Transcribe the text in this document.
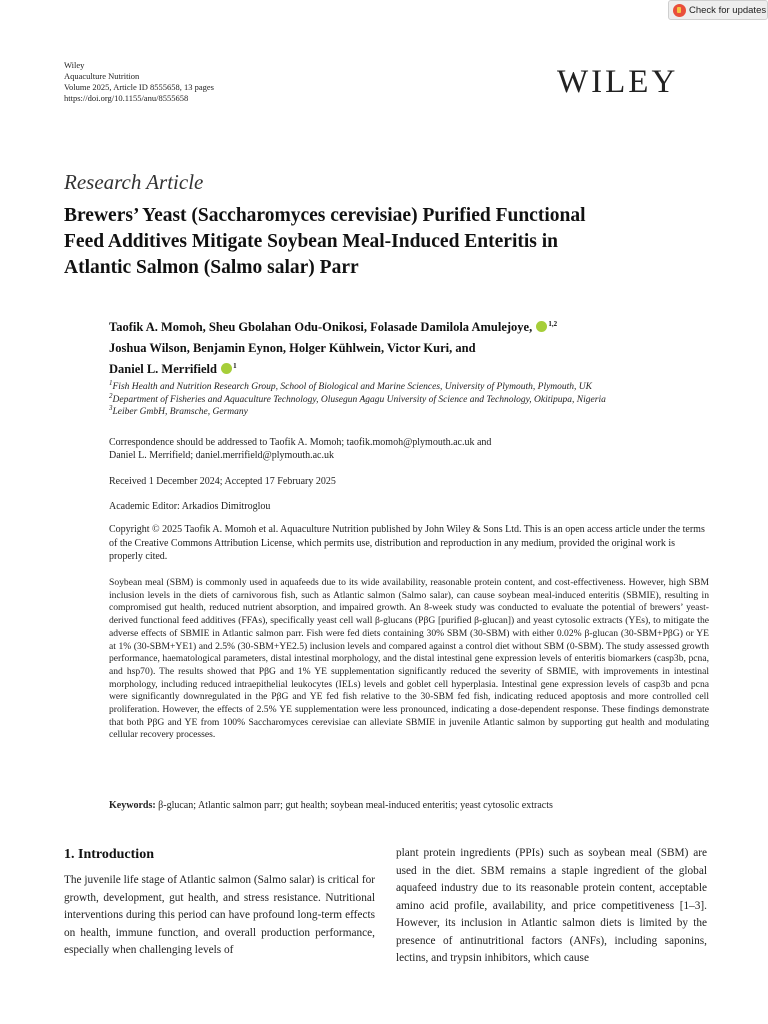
Check for updates
Wiley
Aquaculture Nutrition
Volume 2025, Article ID 8555658, 13 pages
https://doi.org/10.1155/anu/8555658	WILEY
Research Article
Brewers’ Yeast (Saccharomyces cerevisiae) Purified Functional
Feed Additives Mitigate Soybean Meal-Induced Enteritis in
Atlantic Salmon (Salmo salar) Parr
Taofik A. Momoh, Sheu Gbolahan Odu-Onikosi, Folasade Damilola Amulejoye, $^{1,2}$
Joshua Wilson, Benjamin Eynon, Holger Kühlwein, Victor Kuri, and
Daniel L. Merrifield $^1$
$^1$Fish Health and Nutrition Research Group, School of Biological and Marine Sciences, University of Plymouth, Plymouth, UK
$^2$Department of Fisheries and Aquaculture Technology, Olusegun Agagu University of Science and Technology, Okitipupa, Nigeria
$^3$Leiber GmbH, Bramsche, Germany
Correspondence should be addressed to Taofik A. Momoh; taofik.momoh@plymouth.ac.uk and
Daniel L. Merrifield; daniel.merrifield@plymouth.ac.uk
Received 1 December 2024; Accepted 17 February 2025
Academic Editor: Arkadios Dimitroglou
Copyright © 2025 Taofik A. Momoh et al. Aquaculture Nutrition published by John Wiley & Sons Ltd. This is an open access article under the terms of the Creative Commons Attribution License, which permits use, distribution and reproduction in any medium, provided the original work is properly cited.
Soybean meal (SBM) is commonly used in aquafeeds due to its wide availability, reasonable protein content, and cost-effectiveness. However, high SBM inclusion levels in the diets of carnivorous fish, such as Atlantic salmon (Salmo salar), can cause soybean meal-induced enteritis (SBMIE), resulting in compromised gut health, reduced nutrient absorption, and impaired growth. An 8-week study was conducted to evaluate the potential of brewers’ yeast-derived functional feed additives (FFAs), specifically yeast cell wall β-glucans (PβG [purified β-glucan]) and yeast cytosolic extracts (YEs), to mitigate the adverse effects of SBMIE in Atlantic salmon parr. Fish were fed diets containing 30% SBM (30-SBM) with either 0.02% β-glucan (30-SBM+PβG) or YE at 1% (30-SBM+YE1) and 2.5% (30-SBM+YE2.5) inclusion levels and compared against a control diet without SBM (0-SBM). The study assessed growth performance, haematological parameters, distal intestinal morphology, and the distal intestinal gene expression levels of enteritis biomarkers (casp3b, pcna, and hsp70). The results showed that PβG and 1% YE supplementation significantly reduced the severity of SBMIE, with improvements in intestinal morphology, including reduced intraepithelial leukocytes (IELs) levels and goblet cell hyperplasia. Intestinal gene expression levels of casp3b and pcna were significantly downregulated in the PβG and YE fed fish relative to the 30-SBM fed fish, indicating reduced apoptosis and more controlled cell proliferation. However, the effects of 2.5% YE supplementation were less pronounced, indicating a dose-dependent response. These findings demonstrate that both PβG and YE from 100% Saccharomyces cerevisiae can alleviate SBMIE in juvenile Atlantic salmon by supporting gut health and modulating cellular recovery processes.
Keywords: β-glucan; Atlantic salmon parr; gut health; soybean meal-induced enteritis; yeast cytosolic extracts
1. Introduction
The juvenile life stage of Atlantic salmon (Salmo salar) is critical for growth, development, gut health, and stress resistance. Nutritional interventions during this period can have profound long-term effects on health, immune function, and overall production performance, especially when challenging levels of
plant protein ingredients (PPIs) such as soybean meal (SBM) are used in the diet. SBM remains a staple ingredient of the global aquafeed industry due to its reasonable protein content, acceptable amino acid profile, availability, and price competitiveness [1–3]. However, its inclusion in Atlantic salmon diets is limited by the presence of antinutritional factors (ANFs), including saponins, lectins, and trypsin inhibitors, which cause
